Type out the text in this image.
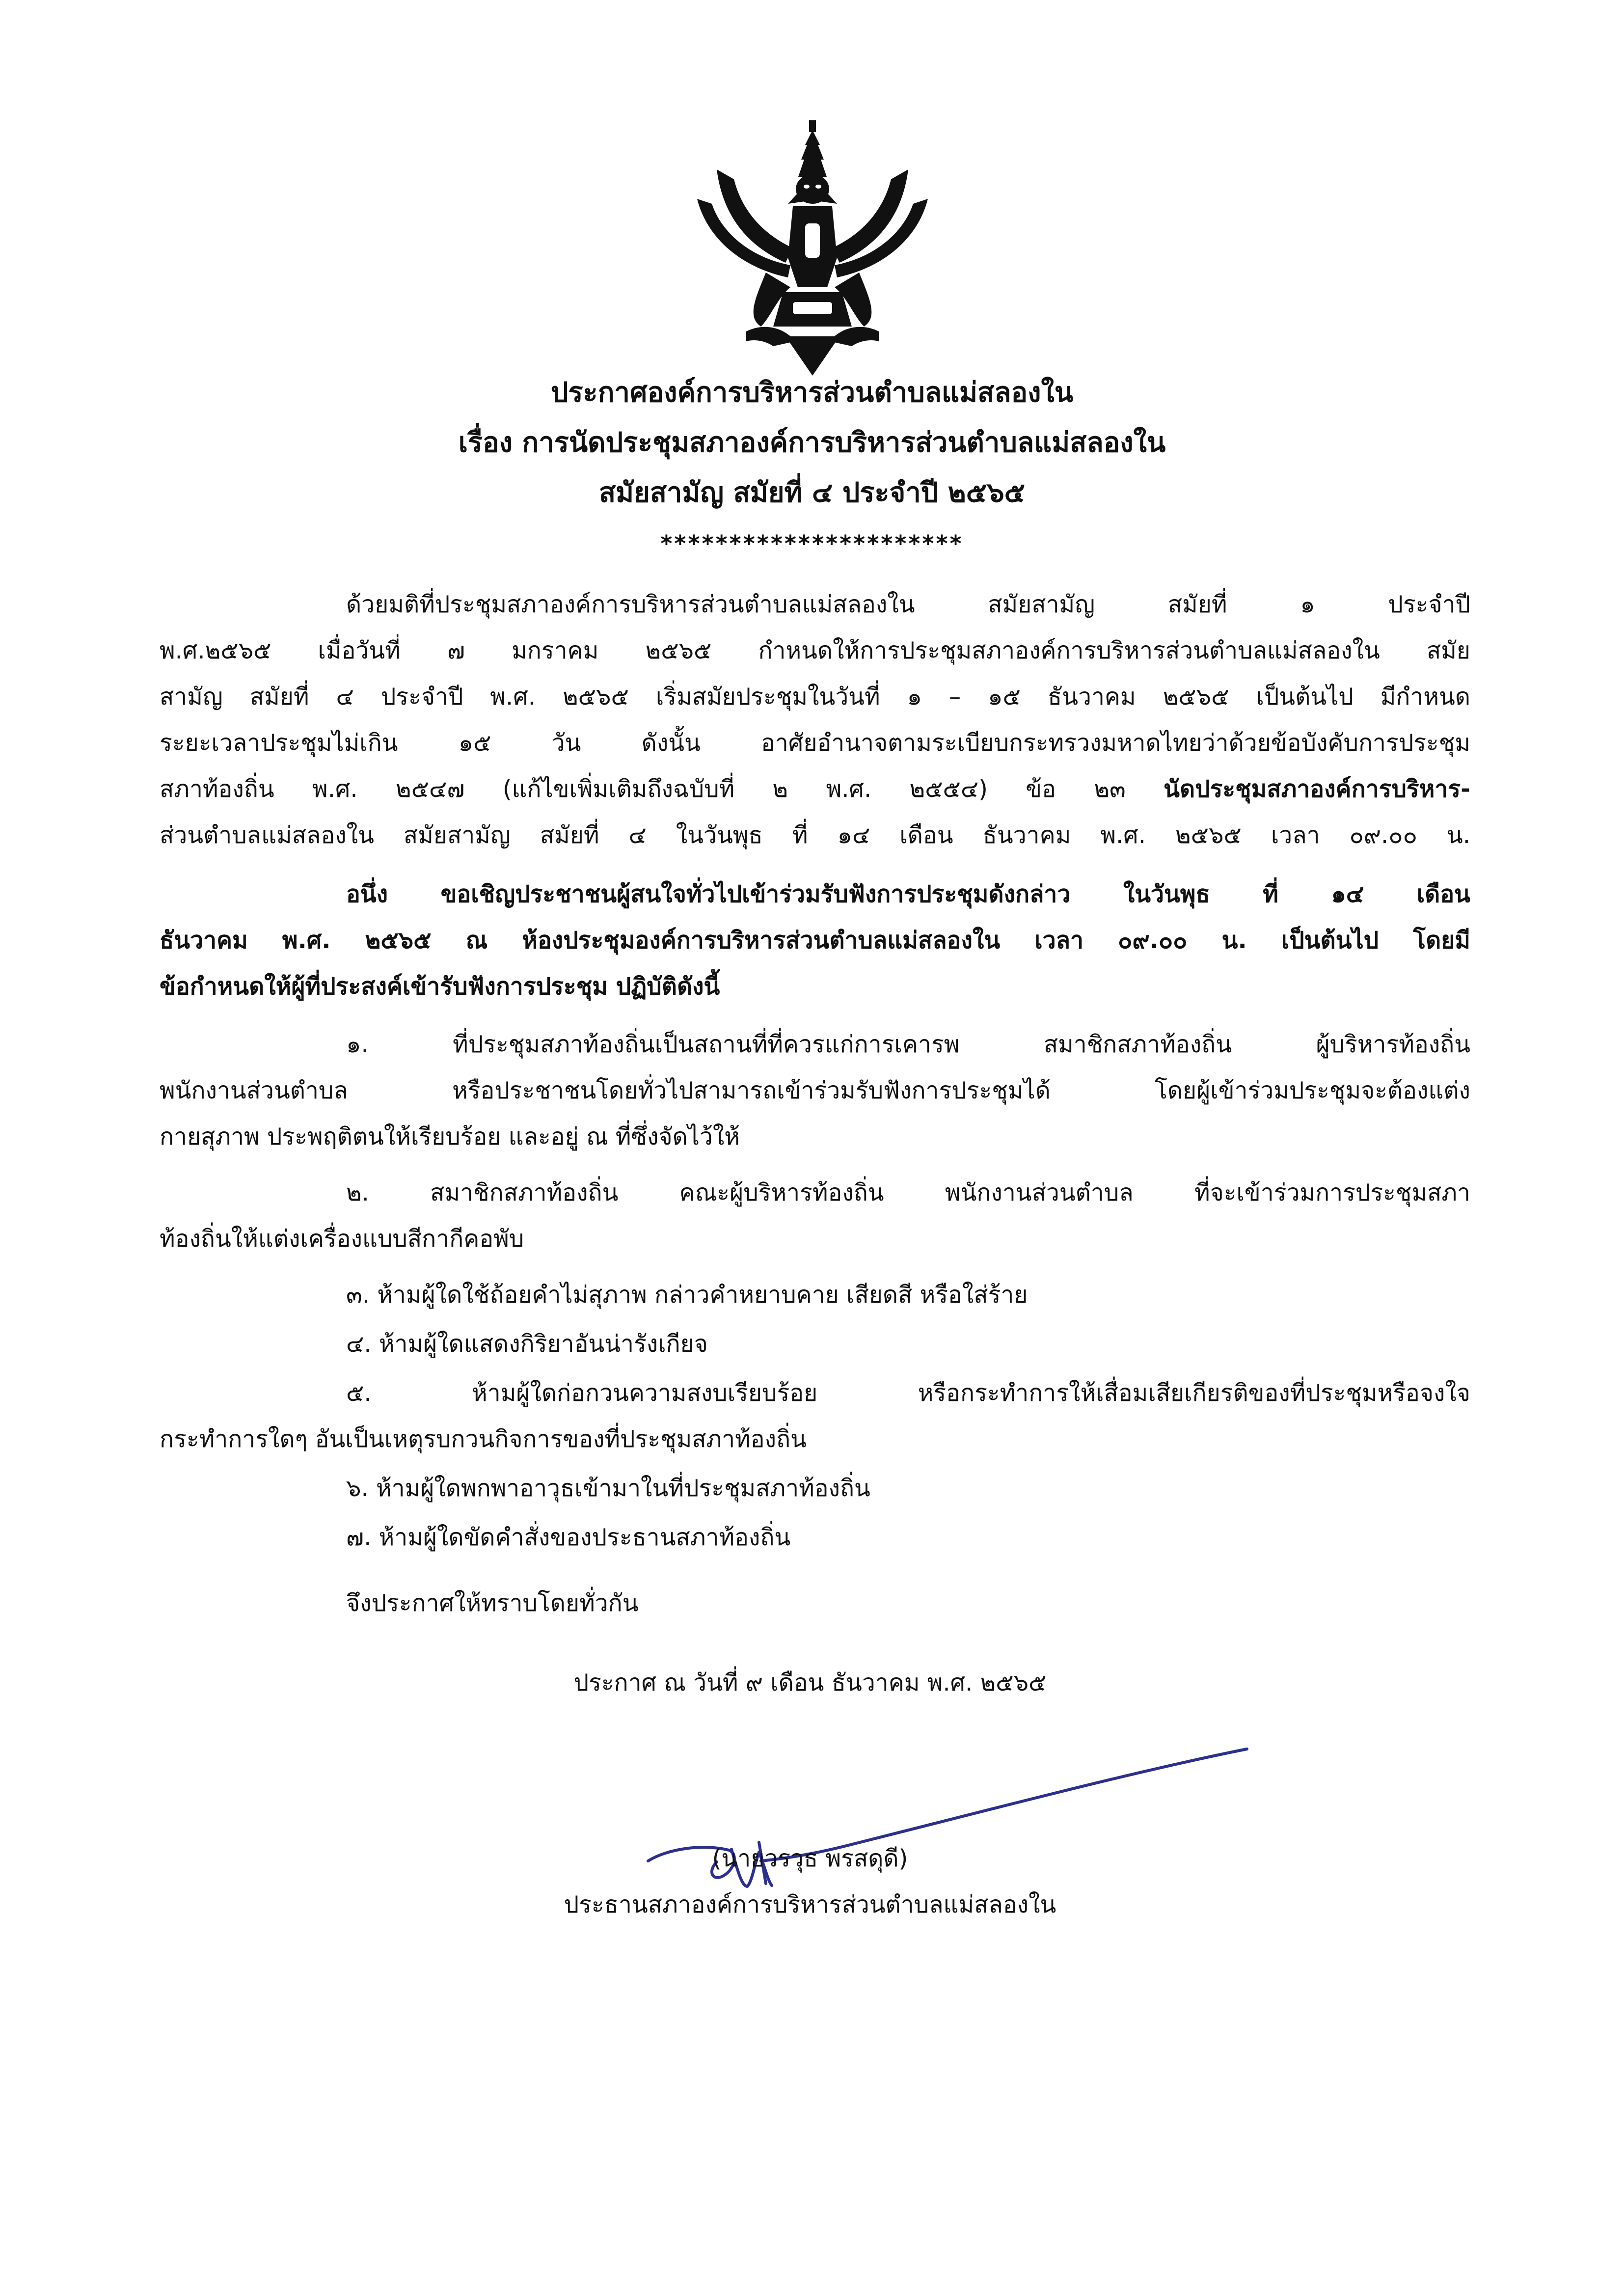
ประกาศองค์การบริหารส่วนตำบลแม่สลองใน
เรื่อง การนัดประชุมสภาองค์การบริหารส่วนตำบลแม่สลองใน
สมัยสามัญ สมัยที่ ๔ ประจำปี ๒๕๖๕
**********************
ด้วยมติที่ประชุมสภาองค์การบริหารส่วนตำบลแม่สลองใน สมัยสามัญ สมัยที่ ๑ ประจำปี
พ.ศ.๒๕๖๕ เมื่อวันที่ ๗ มกราคม ๒๕๖๕ กำหนดให้การประชุมสภาองค์การบริหารส่วนตำบลแม่สลองใน สมัย
สามัญ สมัยที่ ๔ ประจำปี พ.ศ. ๒๕๖๕ เริ่มสมัยประชุมในวันที่ ๑ – ๑๕ ธันวาคม ๒๕๖๕ เป็นต้นไป มีกำหนด
ระยะเวลาประชุมไม่เกิน ๑๕ วัน ดังนั้น อาศัยอำนาจตามระเบียบกระทรวงมหาดไทยว่าด้วยข้อบังคับการประชุม
สภาท้องถิ่น พ.ศ. ๒๕๔๗ (แก้ไขเพิ่มเติมถึงฉบับที่ ๒ พ.ศ. ๒๕๕๔) ข้อ ๒๓ นัดประชุมสภาองค์การบริหาร-
ส่วนตำบลแม่สลองใน สมัยสามัญ สมัยที่ ๔ ในวันพุธ ที่ ๑๔ เดือน ธันวาคม พ.ศ. ๒๕๖๕ เวลา ๐๙.๐๐ น.
อนึ่ง ขอเชิญประชาชนผู้สนใจทั่วไปเข้าร่วมรับฟังการประชุมดังกล่าว ในวันพุธ ที่ ๑๔ เดือน
ธันวาคม พ.ศ. ๒๕๖๕ ณ ห้องประชุมองค์การบริหารส่วนตำบลแม่สลองใน เวลา ๐๙.๐๐ น. เป็นต้นไป โดยมี
ข้อกำหนดให้ผู้ที่ประสงค์เข้ารับฟังการประชุม ปฏิบัติดังนี้
๑. ที่ประชุมสภาท้องถิ่นเป็นสถานที่ที่ควรแก่การเคารพ สมาชิกสภาท้องถิ่น ผู้บริหารท้องถิ่น
พนักงานส่วนตำบล หรือประชาชนโดยทั่วไปสามารถเข้าร่วมรับฟังการประชุมได้ โดยผู้เข้าร่วมประชุมจะต้องแต่ง
กายสุภาพ ประพฤติตนให้เรียบร้อย และอยู่ ณ ที่ซึ่งจัดไว้ให้
๒. สมาชิกสภาท้องถิ่น คณะผู้บริหารท้องถิ่น พนักงานส่วนตำบล ที่จะเข้าร่วมการประชุมสภา
ท้องถิ่นให้แต่งเครื่องแบบสีกากีคอพับ
๓. ห้ามผู้ใดใช้ถ้อยคำไม่สุภาพ กล่าวคำหยาบคาย เสียดสี หรือใส่ร้าย
๔. ห้ามผู้ใดแสดงกิริยาอันน่ารังเกียจ
๕. ห้ามผู้ใดก่อกวนความสงบเรียบร้อย หรือกระทำการให้เสื่อมเสียเกียรติของที่ประชุมหรือจงใจ
กระทำการใดๆ อันเป็นเหตุรบกวนกิจการของที่ประชุมสภาท้องถิ่น
๖. ห้ามผู้ใดพกพาอาวุธเข้ามาในที่ประชุมสภาท้องถิ่น
๗. ห้ามผู้ใดขัดคำสั่งของประธานสภาท้องถิ่น
จึงประกาศให้ทราบโดยทั่วกัน
ประกาศ ณ วันที่ ๙ เดือน ธันวาคม พ.ศ. ๒๕๖๕
(นายวรวุธ พรสดุดี)
ประธานสภาองค์การบริหารส่วนตำบลแม่สลองใน
